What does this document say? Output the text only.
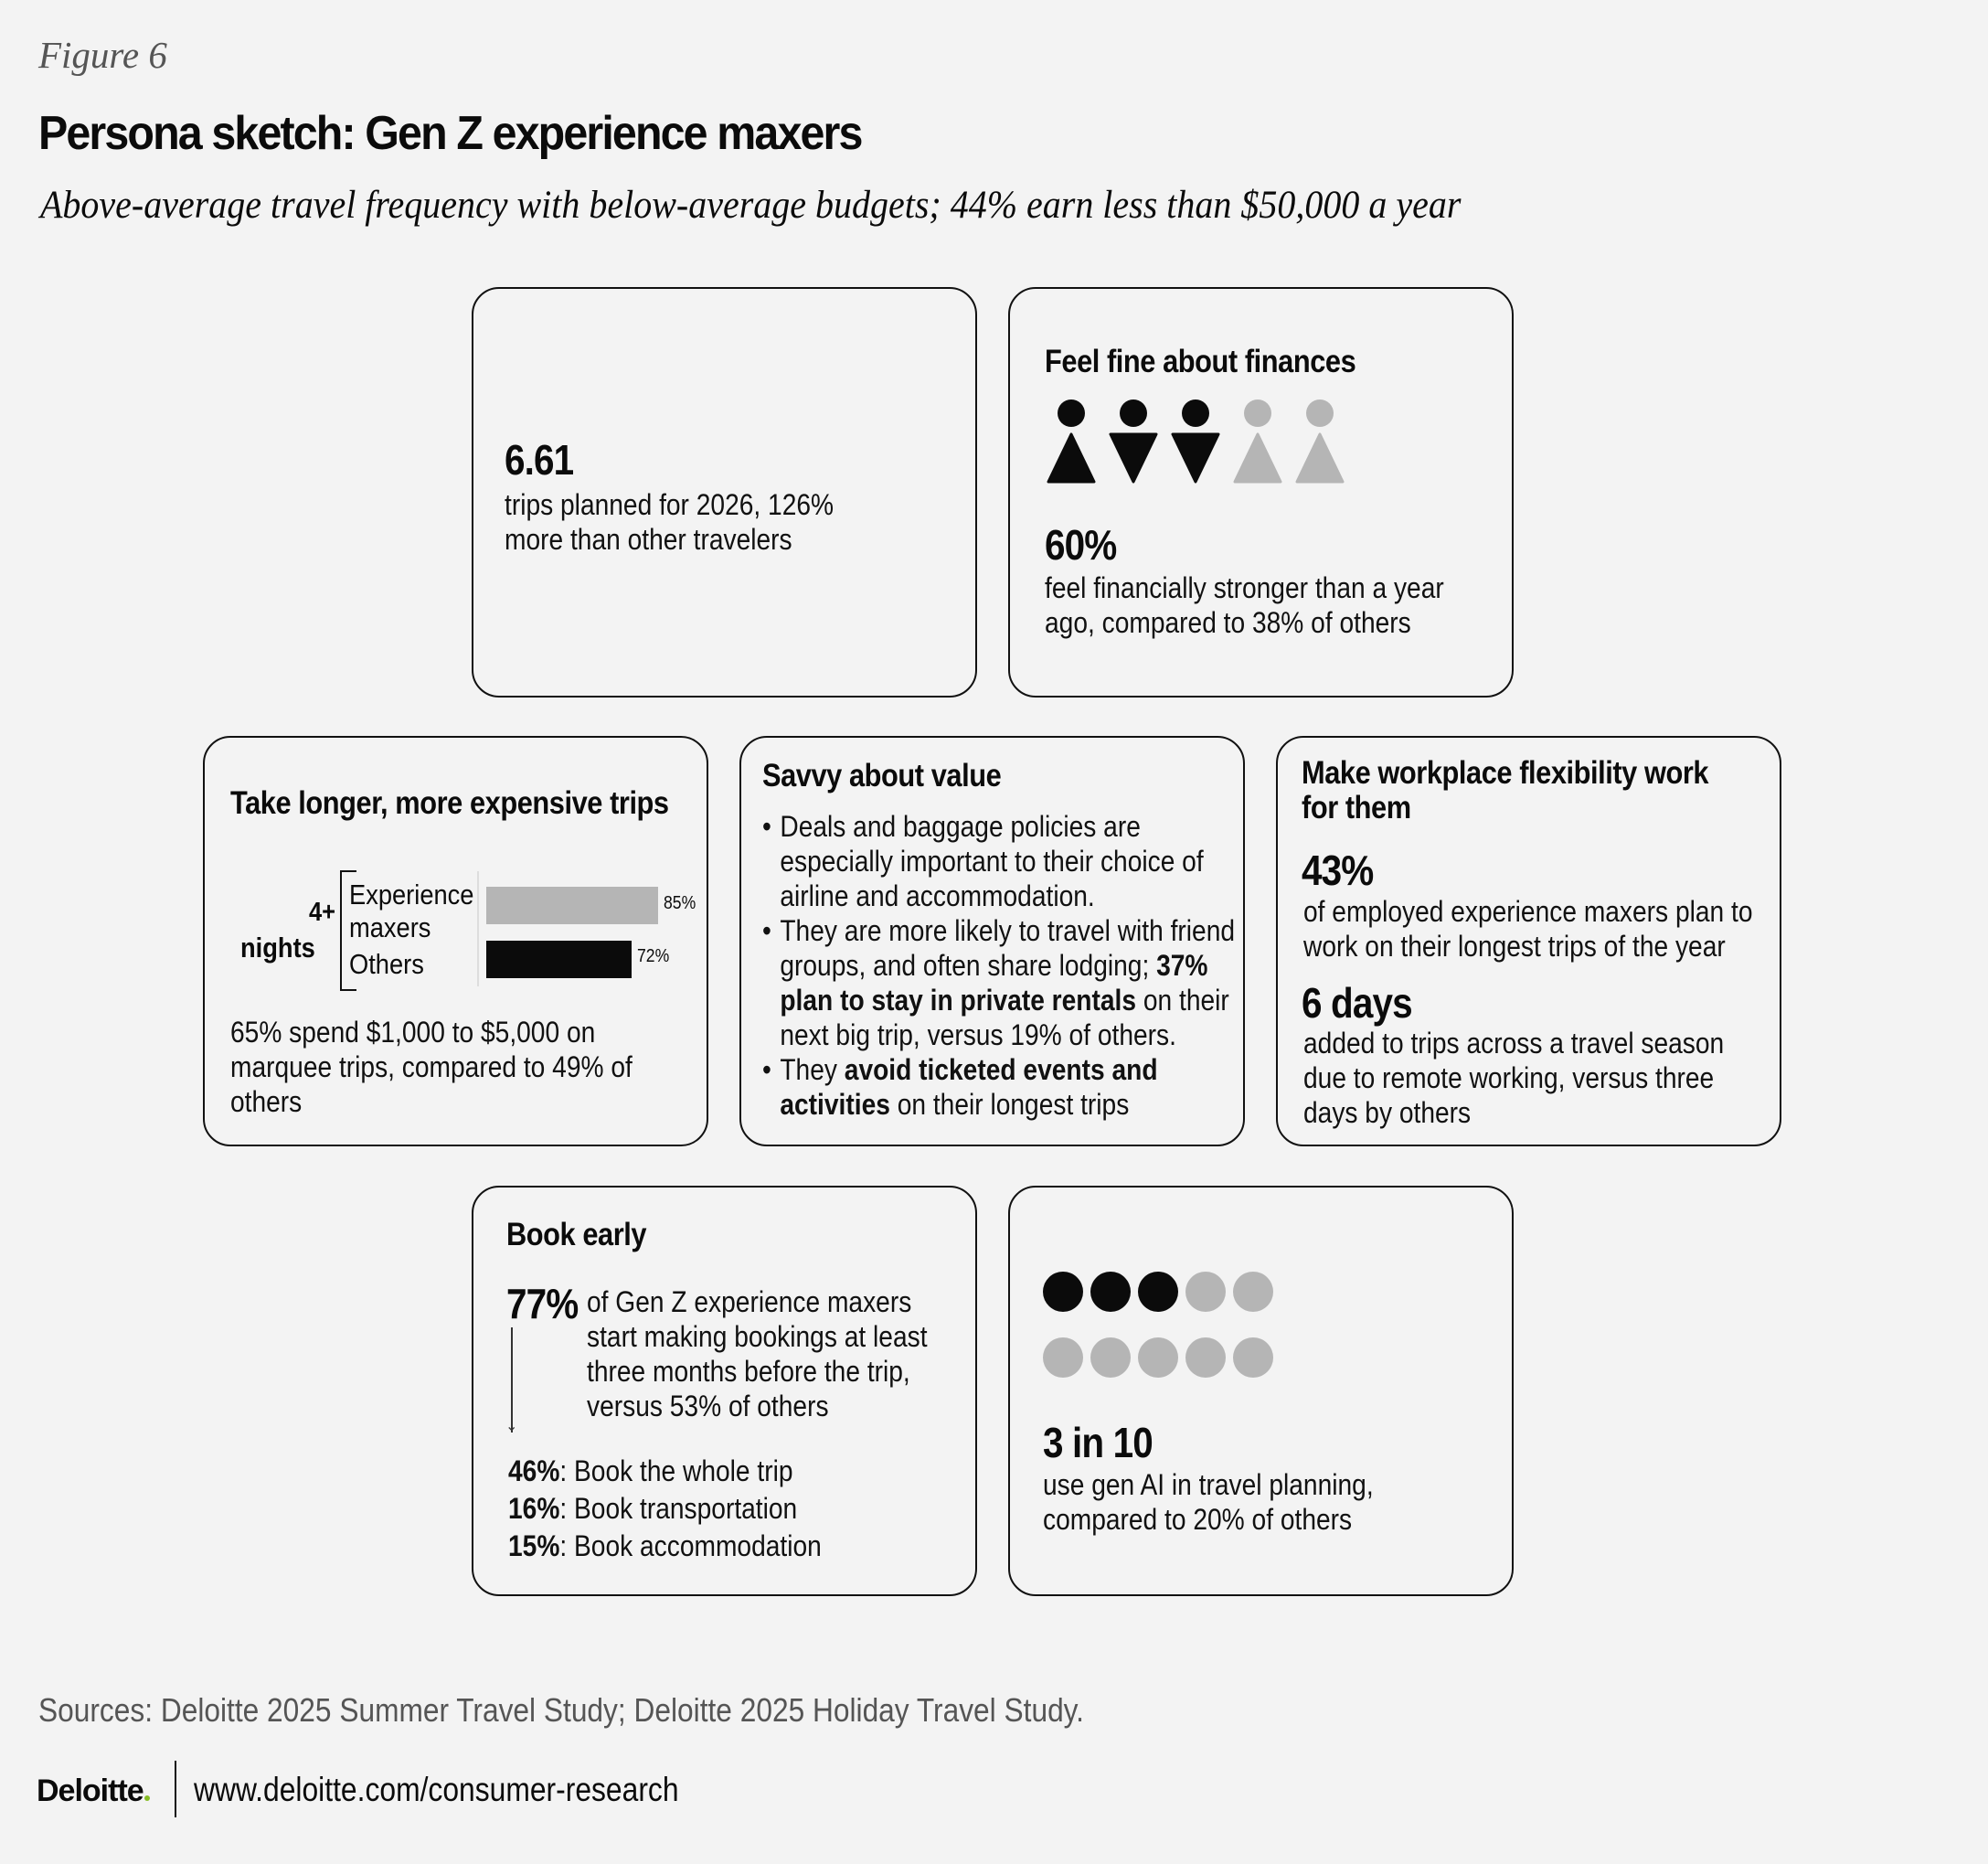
Figure 6
Persona sketch: Gen Z experience maxers
Above-average travel frequency with below-average budgets; 44% earn less than $50,000 a year
6.61
trips planned for 2026, 126%
more than other travelers
Feel fine about finances
60%
feel financially stronger than a year
ago, compared to 38% of others
Take longer, more expensive trips
4+
nights
Experience
maxers
Others
85%
72%
65% spend $1,000 to $5,000 on
marquee trips, compared to 49% of
others
Savvy about value
• Deals and baggage policies are
especially important to their choice of
airline and accommodation.
• They are more likely to travel with friend
groups, and often share lodging; 37%
plan to stay in private rentals on their
next big trip, versus 19% of others.
• They avoid ticketed events and
activities on their longest trips
Make workplace flexibility work
for them
43%
of employed experience maxers plan to
work on their longest trips of the year
6 days
added to trips across a travel season
due to remote working, versus three
days by others
Book early
77%
⌄
of Gen Z experience maxers
start making bookings at least
three months before the trip,
versus 53% of others
46%: Book the whole trip
16%: Book transportation
15%: Book accommodation
3 in 10
use gen AI in travel planning,
compared to 20% of others
Sources: Deloitte 2025 Summer Travel Study; Deloitte 2025 Holiday Travel Study.
Deloitte www.deloitte.com/consumer-research
